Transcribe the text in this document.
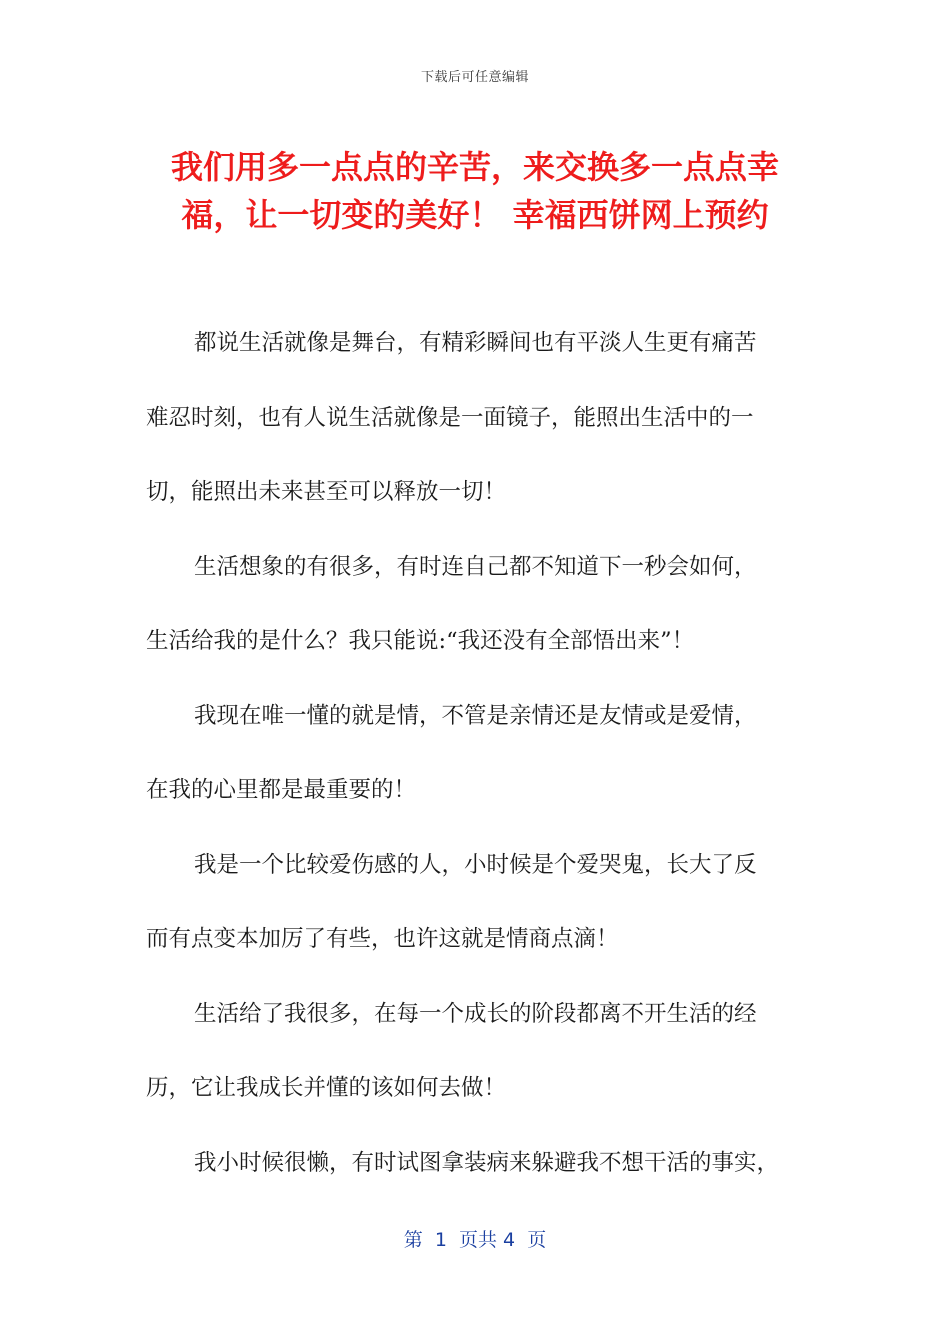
下载后可任意编辑
我们用多一点点的辛苦，来交换多一点点幸
福，让一切变的美好！ 幸福西饼网上预约
都说生活就像是舞台，有精彩瞬间也有平淡人生更有痛苦
难忍时刻，也有人说生活就像是一面镜子，能照出生活中的一
切，能照出未来甚至可以释放一切！
生活想象的有很多，有时连自己都不知道下一秒会如何，
生活给我的是什么？我只能说:“我还没有全部悟出来”！
我现在唯一懂的就是情，不管是亲情还是友情或是爱情，
在我的心里都是最重要的！
我是一个比较爱伤感的人，小时候是个爱哭鬼，长大了反
而有点变本加厉了有些，也许这就是情商点滴！
生活给了我很多，在每一个成长的阶段都离不开生活的经
历，它让我成长并懂的该如何去做！
我小时候很懒，有时试图拿装病来躲避我不想干活的事实，
第  1  页共 4  页
